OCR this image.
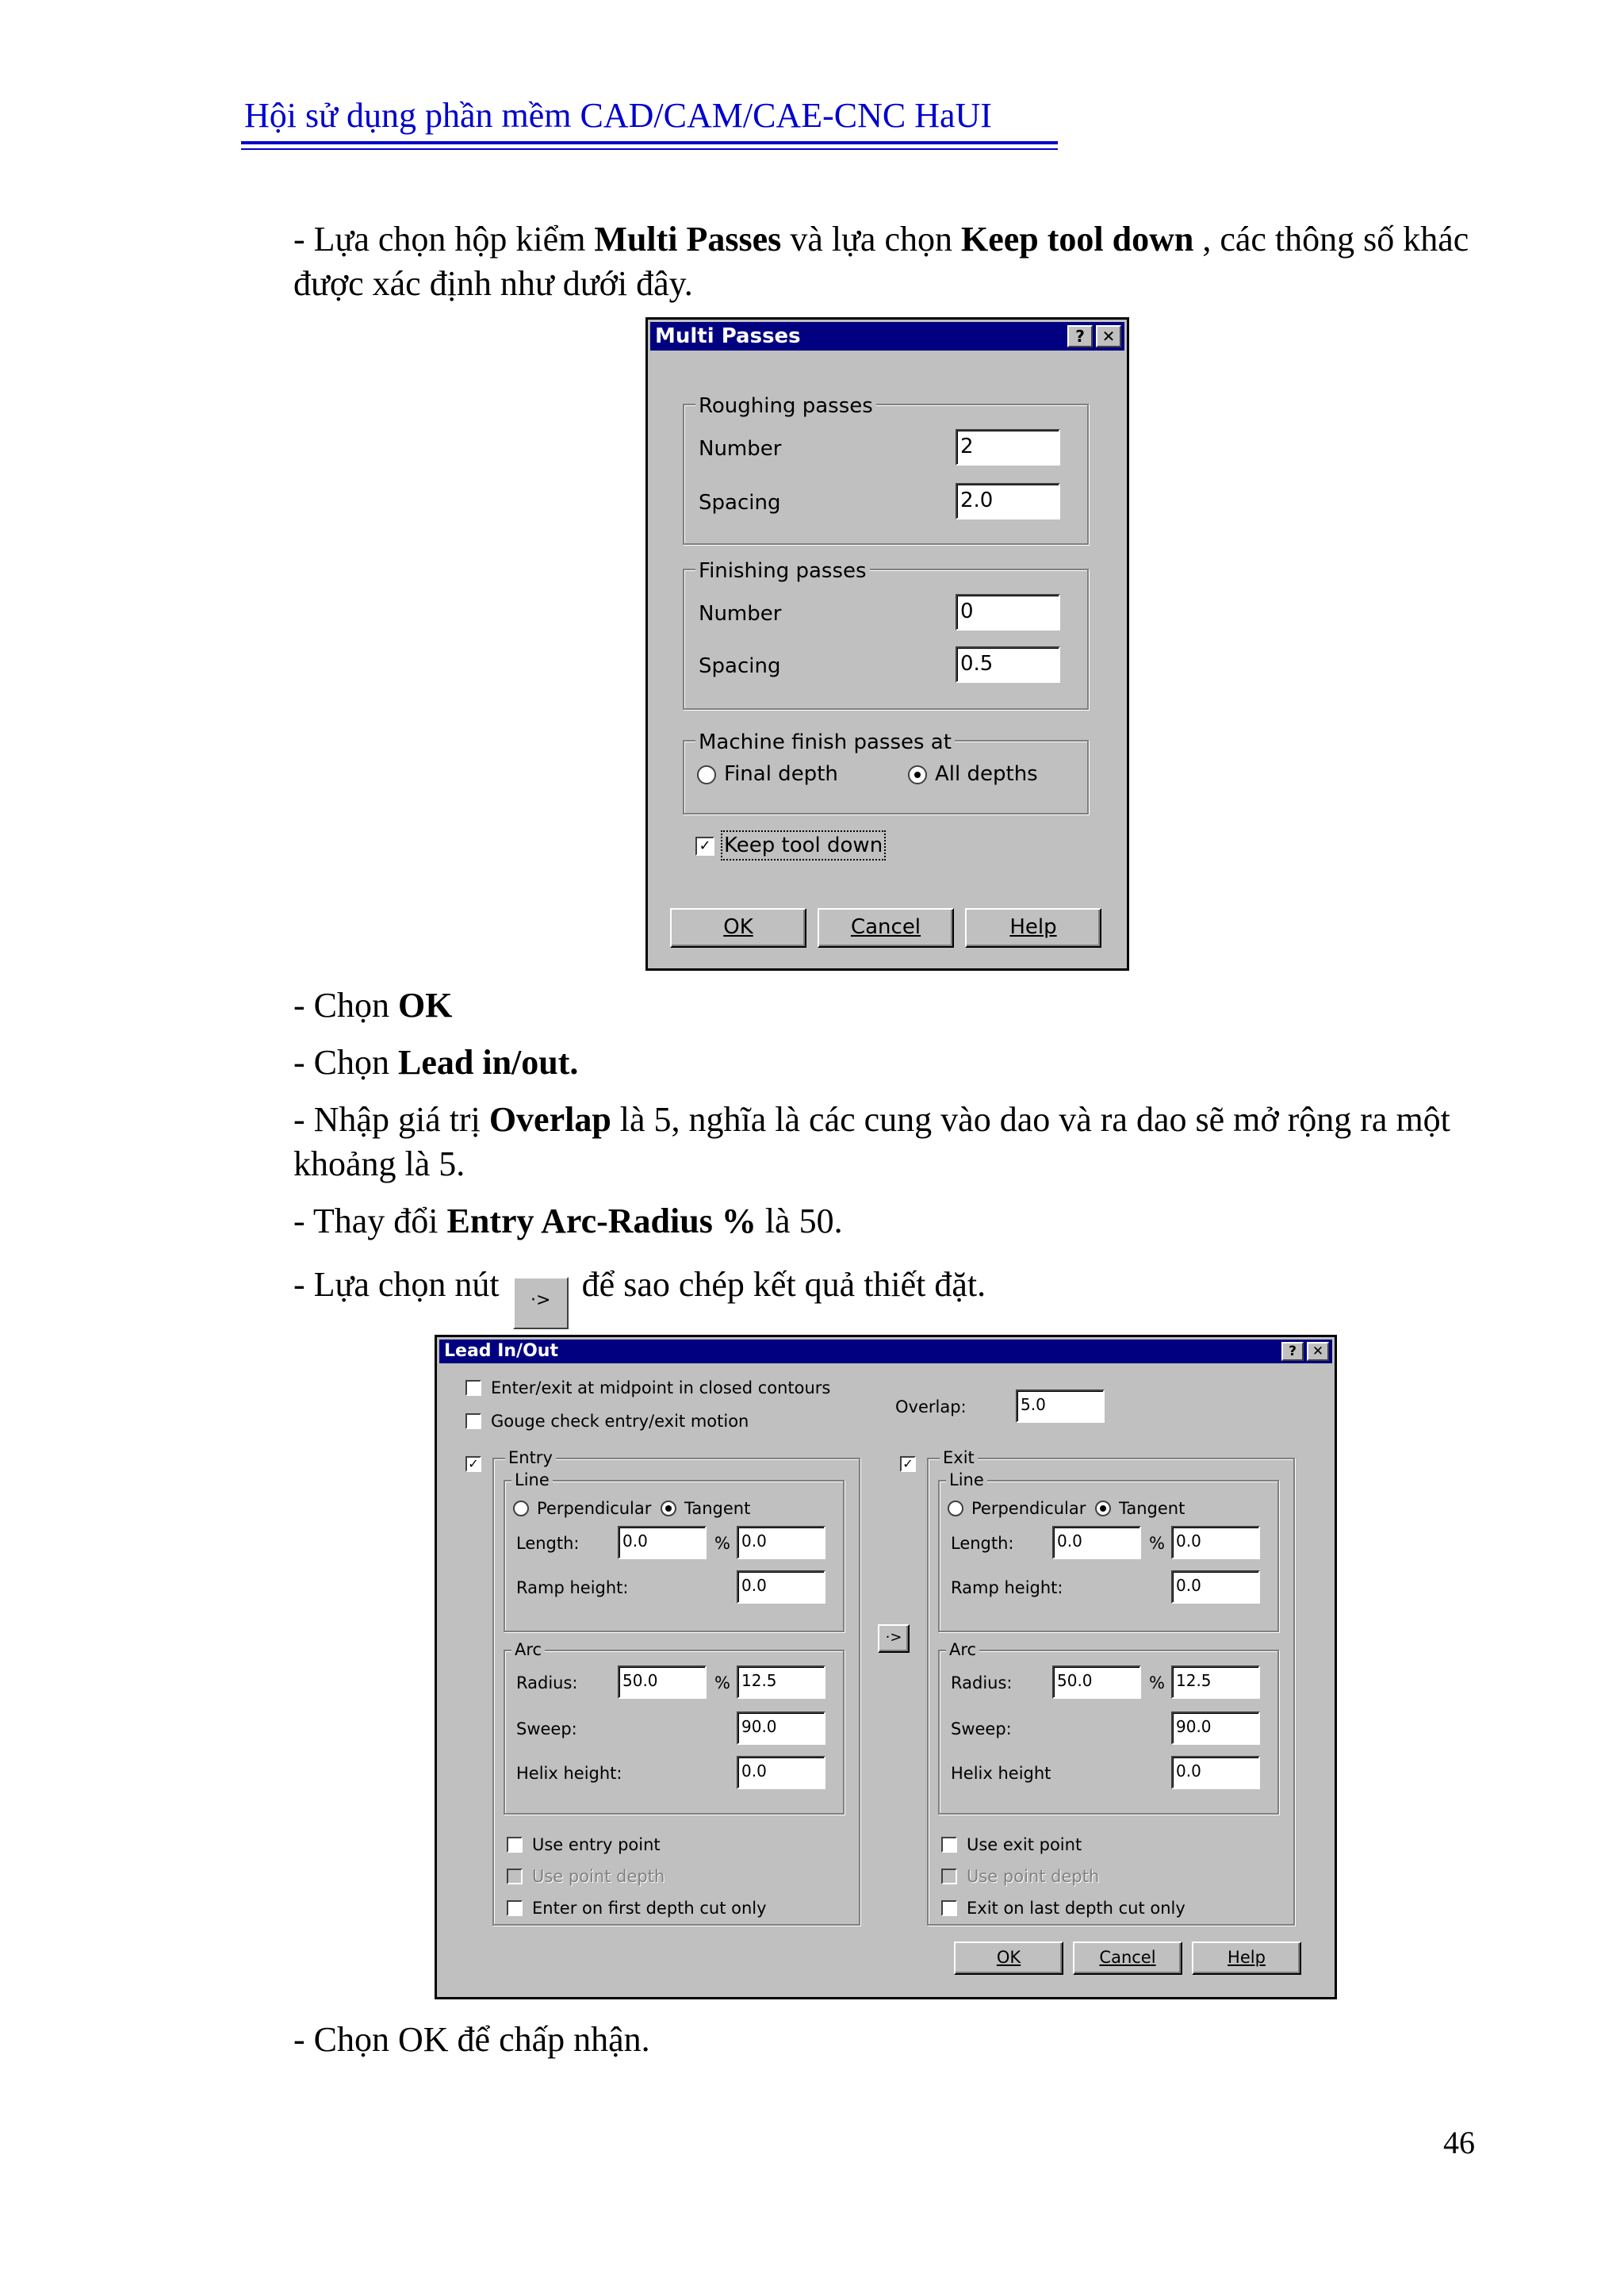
Hội sử dụng phần mềm CAD/CAM/CAE-CNC HaUI
- Lựa chọn hộp kiểm Multi Passes và lựa chọn Keep tool down , các thông số khác được xác định như dưới đây.
Multi Passes	?	✕
Roughing passes
Number	2
Spacing	2.0
Finishing passes
Number	0
Spacing	0.5
Machine finish passes at
Final depth	All depths
✓ Keep tool down
OK	Cancel	Help
- Chọn OK
- Chọn Lead in/out.
- Nhập giá trị Overlap là 5, nghĩa là các cung vào dao và ra dao sẽ mở rộng ra một khoảng là 5.
- Thay đổi Entry Arc-Radius % là 50.
- Lựa chọn nút ·> để sao chép kết quả thiết đặt.
Lead In/Out	?	✕
Enter/exit at midpoint in closed contours
Gouge check entry/exit motion
Overlap:	5.0
✓ Entry
Line
Perpendicular Tangent
Length:	0.0	% 0.0
Ramp height:	0.0
Arc
Radius:	50.0	% 12.5
Sweep:	90.0
Helix height:	0.0
Use entry point
Use point depth
Enter on first depth cut only
·>
✓ Exit
Line
Perpendicular Tangent
Length:	0.0	% 0.0
Ramp height:	0.0
Arc
Radius:	50.0	% 12.5
Sweep:	90.0
Helix height	0.0
Use exit point
Use point depth
Exit on last depth cut only
OK	Cancel	Help
- Chọn OK để chấp nhận.
46
